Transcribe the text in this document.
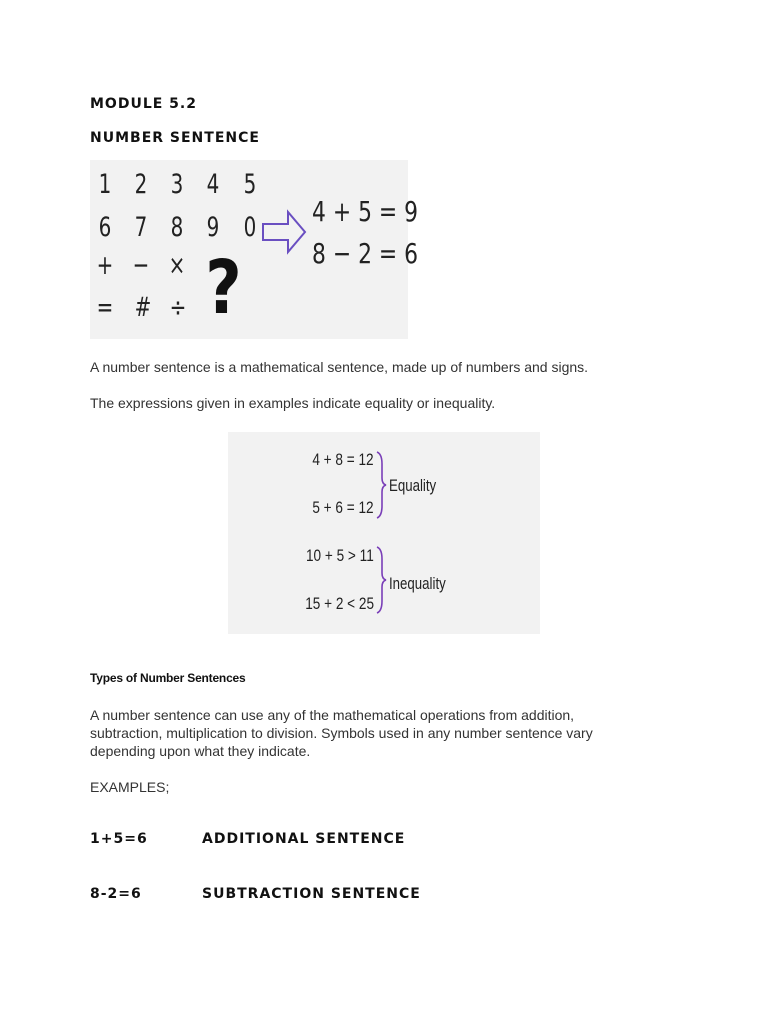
MODULE 5.2
NUMBER SENTENCE
1 2 3 4 5
6 7 8 9 0
+ − ×
= # ÷ ?
4 + 5 = 9
8 − 2 = 6
A number sentence is a mathematical sentence, made up of numbers and signs.
The expressions given in examples indicate equality or inequality.
4 + 8 = 12
5 + 6 = 12
Equality
10 + 5 > 11
15 + 2 < 25
Inequality
Types of Number Sentences
A number sentence can use any of the mathematical operations from addition, subtraction, multiplication to division. Symbols used in any number sentence vary depending upon what they indicate.
EXAMPLES;
1+5=6	ADDITIONAL SENTENCE
8-2=6	SUBTRACTION SENTENCE
